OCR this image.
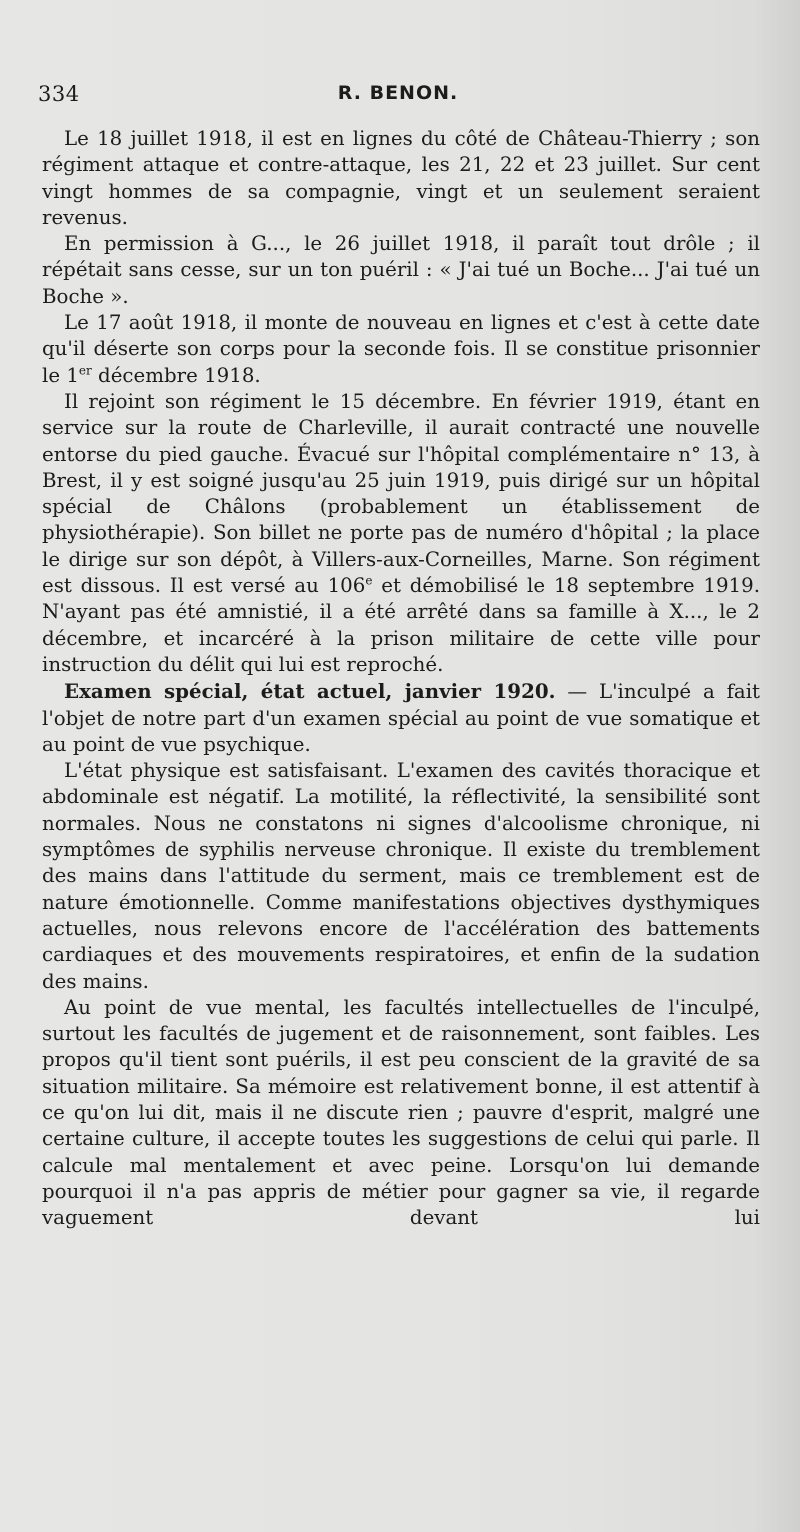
334	R. BENON.

Le 18 juillet 1918, il est en lignes du côté de Château-Thierry ; son régiment attaque et contre-attaque, les 21, 22 et 23 juillet. Sur cent vingt hommes de sa compagnie, vingt et un seulement seraient revenus.

En permission à G..., le 26 juillet 1918, il paraît tout drôle ; il répétait sans cesse, sur un ton puéril : « J'ai tué un Boche... J'ai tué un Boche ».

Le 17 août 1918, il monte de nouveau en lignes et c'est à cette date qu'il déserte son corps pour la seconde fois. Il se constitue prisonnier le 1er décembre 1918.

Il rejoint son régiment le 15 décembre. En février 1919, étant en service sur la route de Charleville, il aurait contracté une nouvelle entorse du pied gauche. Évacué sur l'hôpital complémentaire n° 13, à Brest, il y est soigné jusqu'au 25 juin 1919, puis dirigé sur un hôpital spécial de Châlons (probablement un établissement de physiothérapie). Son billet ne porte pas de numéro d'hôpital ; la place le dirige sur son dépôt, à Villers-aux-Corneilles, Marne. Son régiment est dissous. Il est versé au 106e et démobilisé le 18 septembre 1919. N'ayant pas été amnistié, il a été arrêté dans sa famille à X..., le 2 décembre, et incarcéré à la prison militaire de cette ville pour instruction du délit qui lui est reproché.

Examen spécial, état actuel, janvier 1920. — L'inculpé a fait l'objet de notre part d'un examen spécial au point de vue somatique et au point de vue psychique.

L'état physique est satisfaisant. L'examen des cavités thoracique et abdominale est négatif. La motilité, la réflectivité, la sensibilité sont normales. Nous ne constatons ni signes d'alcoolisme chronique, ni symptômes de syphilis nerveuse chronique. Il existe du tremblement des mains dans l'attitude du serment, mais ce tremblement est de nature émotionnelle. Comme manifestations objectives dysthymiques actuelles, nous relevons encore de l'accélération des battements cardiaques et des mouvements respiratoires, et enfin de la sudation des mains.

Au point de vue mental, les facultés intellectuelles de l'inculpé, surtout les facultés de jugement et de raisonnement, sont faibles. Les propos qu'il tient sont puérils, il est peu conscient de la gravité de sa situation militaire. Sa mémoire est relativement bonne, il est attentif à ce qu'on lui dit, mais il ne discute rien ; pauvre d'esprit, malgré une certaine culture, il accepte toutes les suggestions de celui qui parle. Il calcule mal mentalement et avec peine. Lorsqu'on lui demande pourquoi il n'a pas appris de métier pour gagner sa vie, il regarde vaguement devant lui
